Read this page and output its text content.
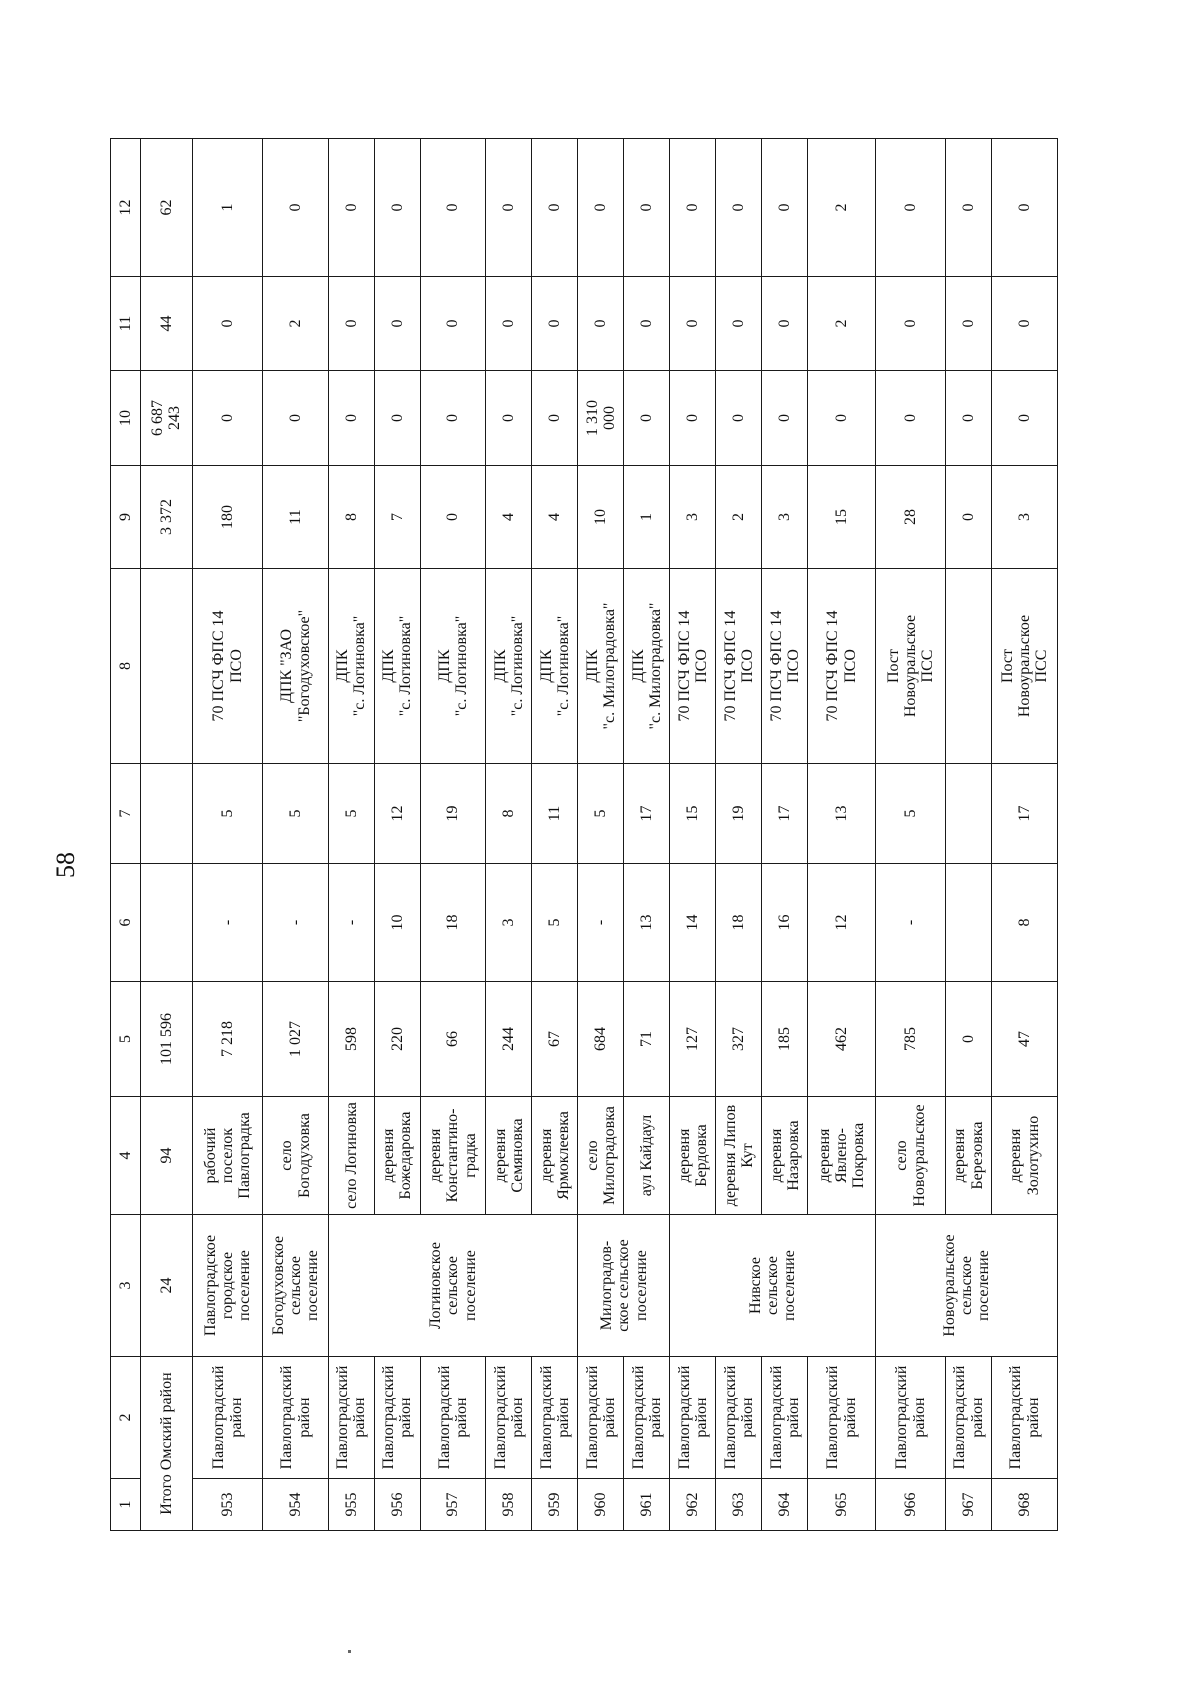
58
1	2	3	4	5	6	7	8	9	10	11	12
Итого Омский район		24	94	101 596				3 372	6 687
243	44	62
953	Павлоградский
район	Павлоградское
городское
поселение	рабочий
поселок
Павлоградка	7 218	-	5	70 ПСЧ ФПС 14
ПСО	180	0	0	1
954	Павлоградский
район	Богодуховское
сельское
поселение	село
Богодуховка	1 027	-	5	ДПК "ЗАО
"Богодуховское"	11	0	2	0
955	Павлоградский
район	Логиновское
сельское
поселение	село Логиновка	598	-	5	ДПК
"с. Логиновка"	8	0	0	0
956	Павлоградский
район		деревня
Божедаровка	220	10	12	ДПК
"с. Логиновка"	7	0	0	0
957	Павлоградский
район		деревня
Константино-
градка	66	18	19	ДПК
"с. Логиновка"	0	0	0	0
958	Павлоградский
район		деревня
Семяновка	244	3	8	ДПК
"с. Логиновка"	4	0	0	0
959	Павлоградский
район		деревня
Ярмоклеевка	67	5	11	ДПК
"с. Логиновка"	4	0	0	0
960	Павлоградский
район	Милоградов-
ское сельское
поселение	село
Милоградовка	684	-	5	ДПК
"с. Милоградовка"	10	1 310
000	0	0
961	Павлоградский
район		аул Кайдаул	71	13	17	ДПК
"с. Милоградовка"	1	0	0	0
962	Павлоградский
район	Нивское
сельское
поселение	деревня
Бердовка	127	14	15	70 ПСЧ ФПС 14
ПСО	3	0	0	0
963	Павлоградский
район		деревня Липов
Кут	327	18	19	70 ПСЧ ФПС 14
ПСО	2	0	0	0
964	Павлоградский
район		деревня
Назаровка	185	16	17	70 ПСЧ ФПС 14
ПСО	3	0	0	0
965	Павлоградский
район		деревня
Явлено-
Покровка	462	12	13	70 ПСЧ ФПС 14
ПСО	15	0	2	2
966	Павлоградский
район	Новоуральское
сельское
поселение	село
Новоуральское	785	-	5	Пост
Новоуральское
ПСС	28	0	0	0
967	Павлоградский
район		деревня
Березовка	0				0	0	0	0
968	Павлоградский
район		деревня
Золотухино	47	8	17	Пост
Новоуральское
ПСС	3	0	0	0
